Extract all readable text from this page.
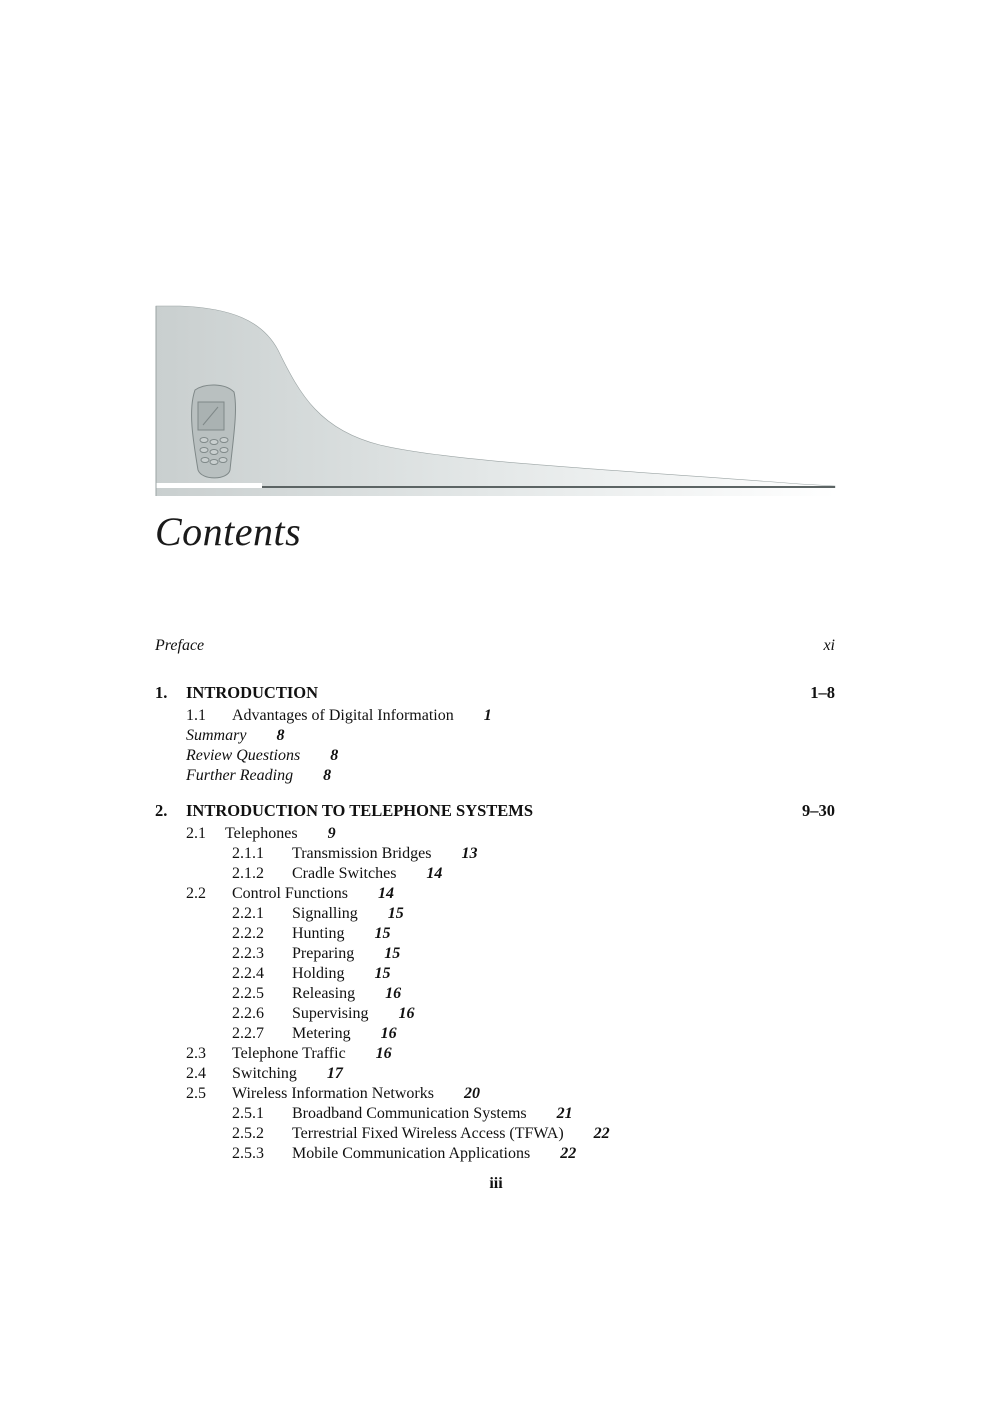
Contents
Preface	xi
1. INTRODUCTION	1–8
1.1 Advantages of Digital Information 1
Summary 8
Review Questions 8
Further Reading 8
2. INTRODUCTION TO TELEPHONE SYSTEMS	9–30
2.1 Telephones 9
2.1.1 Transmission Bridges 13
2.1.2 Cradle Switches 14
2.2 Control Functions 14
2.2.1 Signalling 15
2.2.2 Hunting 15
2.2.3 Preparing 15
2.2.4 Holding 15
2.2.5 Releasing 16
2.2.6 Supervising 16
2.2.7 Metering 16
2.3 Telephone Traffic 16
2.4 Switching 17
2.5 Wireless Information Networks 20
2.5.1 Broadband Communication Systems 21
2.5.2 Terrestrial Fixed Wireless Access (TFWA) 22
2.5.3 Mobile Communication Applications 22
iii
